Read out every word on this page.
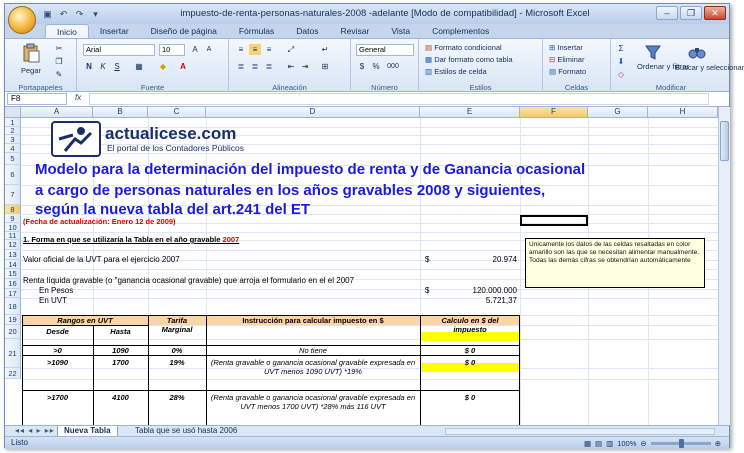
▣ ↶ ↷	▾	impuesto-de-renta-personas-naturales-2008 -adelante [Modo de compatibilidad] - Microsoft Excel	–	❐	✕
Inicio	Insertar	Diseño de página	Fórmulas	Datos	Revisar	Vista	Complementos
Pegar
✂
❐
✎
Portapapeles
Arial	10	A	A
N	K	S	▦	◆	A
Fuente
≡	≡	≡	⤢	↵
≣ ≣ ≣	⇤ ⇥	⊞
Alineación
General
$	%	000
Número
▤ Formato condicional
▦ Dar formato como tabla
▥ Estilos de celda
Estilos
⊞ Insertar
⊟ Eliminar
▤ Formato
Celdas
Σ
⬇
◇
Ordenar y filtrar
Buscar y seleccionar
Modificar
F8	fx
A	B	C	D	E	F	G	H
1
2
3
4
5
6
7
8
9
10
11
12
13
14
15
16
17
18
19
20
21
22
actualicese.com
El portal de los Contadores Públicos
Modelo para la determinación del impuesto de renta y de Ganancia ocasional
a cargo de personas naturales en los años gravables 2008 y siguientes,
según la nueva tabla del art.241 del ET
(Fecha de actualización: Enero 12 de 2009)
1. Forma en que se utilizaría la Tabla en el año gravable 2007
Valor oficial de la UVT para el ejercicio 2007	$	20.974
Renta líquida gravable (o "ganancia ocasional gravable) que arroja el formulario en el el 2007
En Pesos	$	120.000.000
En UVT	5.721,37
Unicamente los datos de las celdas resaltadas en color amarillo son las que se necesitan alimentar manualmente. Todas las demás cifras se obtendrían automáticamente
Rangos en UVT
Desde	Hasta
Tarifa Marginal
Instrucción para calcular impuesto en $	Calculo en $ del impuesto
>0	1090	0%	No tiene	$ 0
>1090	1700	19%	(Renta gravable o ganancia ocasional gravable expresada en UVT menos 1090 UVT) *19%
$ 0
>1700	4100	28%	(Renta gravable o ganancia ocasional gravable expresada en UVT menos 1700 UVT) *28% más 116 UVT
$ 0
◂◂ ◂ ▸ ▸▸	Nueva Tabla	Tabla que se usó hasta 2006
Listo	▦ ▤ ▥ 100% ⊖	⊕
